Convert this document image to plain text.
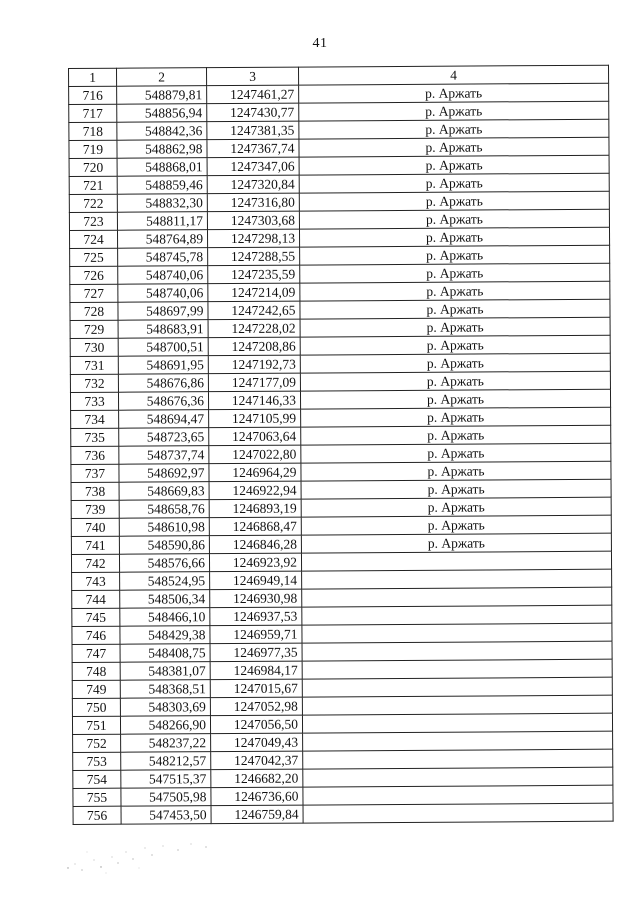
41
1	2	3	4
716	548879,81	1247461,27	р. Аржать
717	548856,94	1247430,77	р. Аржать
718	548842,36	1247381,35	р. Аржать
719	548862,98	1247367,74	р. Аржать
720	548868,01	1247347,06	р. Аржать
721	548859,46	1247320,84	р. Аржать
722	548832,30	1247316,80	р. Аржать
723	548811,17	1247303,68	р. Аржать
724	548764,89	1247298,13	р. Аржать
725	548745,78	1247288,55	р. Аржать
726	548740,06	1247235,59	р. Аржать
727	548740,06	1247214,09	р. Аржать
728	548697,99	1247242,65	р. Аржать
729	548683,91	1247228,02	р. Аржать
730	548700,51	1247208,86	р. Аржать
731	548691,95	1247192,73	р. Аржать
732	548676,86	1247177,09	р. Аржать
733	548676,36	1247146,33	р. Аржать
734	548694,47	1247105,99	р. Аржать
735	548723,65	1247063,64	р. Аржать
736	548737,74	1247022,80	р. Аржать
737	548692,97	1246964,29	р. Аржать
738	548669,83	1246922,94	р. Аржать
739	548658,76	1246893,19	р. Аржать
740	548610,98	1246868,47	р. Аржать
741	548590,86	1246846,28	р. Аржать
742	548576,66	1246923,92	
743	548524,95	1246949,14	
744	548506,34	1246930,98	
745	548466,10	1246937,53	
746	548429,38	1246959,71	
747	548408,75	1246977,35	
748	548381,07	1246984,17	
749	548368,51	1247015,67	
750	548303,69	1247052,98	
751	548266,90	1247056,50	
752	548237,22	1247049,43	
753	548212,57	1247042,37	
754	547515,37	1246682,20	
755	547505,98	1246736,60	
756	547453,50	1246759,84	
